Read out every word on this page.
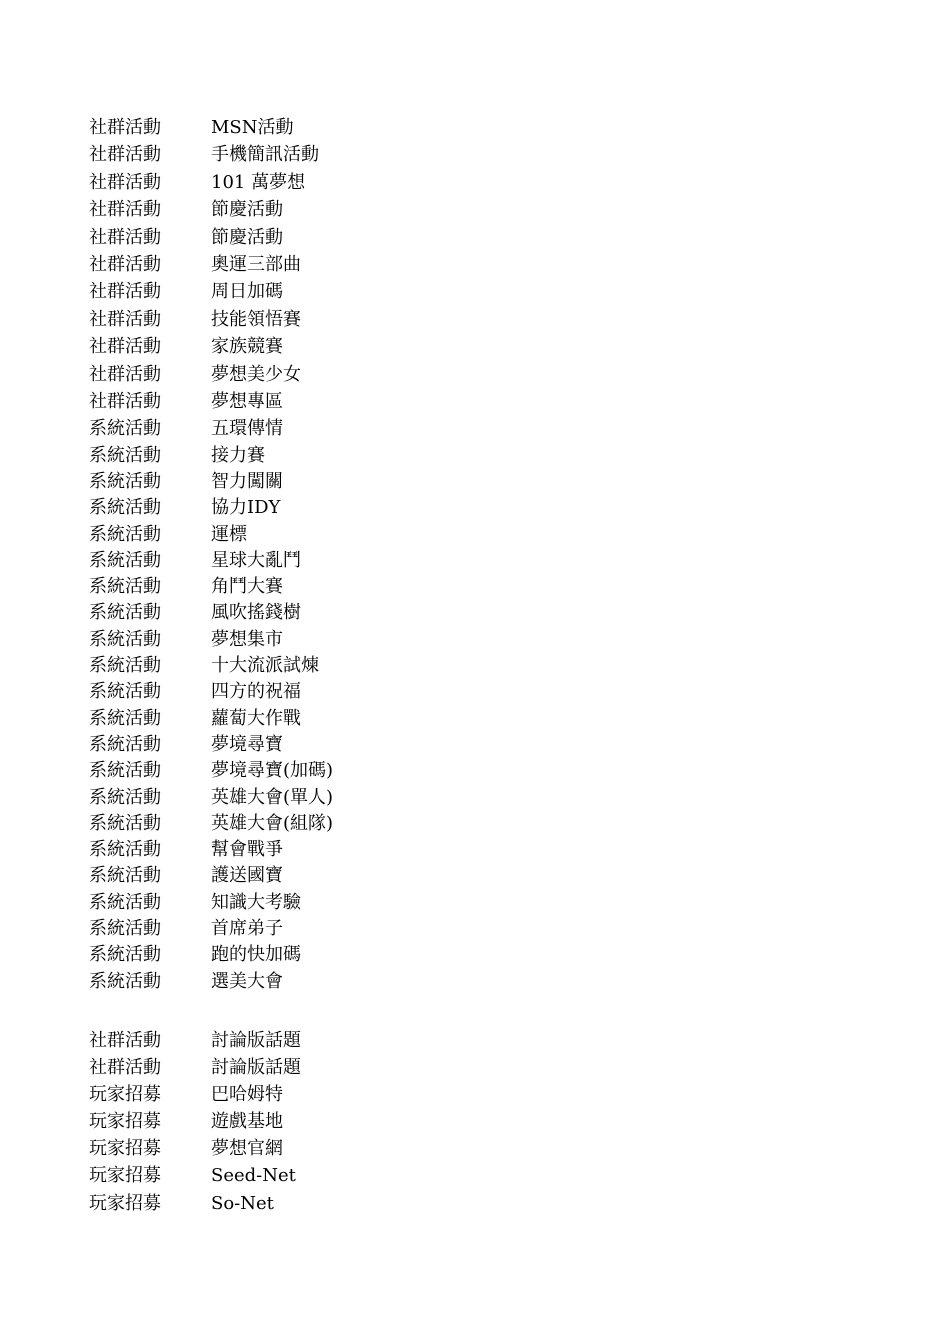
社群活動	MSN活動
社群活動	手機簡訊活動
社群活動	101 萬夢想
社群活動	節慶活動
社群活動	節慶活動
社群活動	奧運三部曲
社群活動	周日加碼
社群活動	技能領悟賽
社群活動	家族競賽
社群活動	夢想美少女
社群活動	夢想專區
系統活動	五環傳情
系統活動	接力賽
系統活動	智力闖關
系統活動	協力IDY
系統活動	運標
系統活動	星球大亂鬥
系統活動	角鬥大賽
系統活動	風吹搖錢樹
系統活動	夢想集市
系統活動	十大流派試煉
系統活動	四方的祝福
系統活動	蘿蔔大作戰
系統活動	夢境尋寶
系統活動	夢境尋寶(加碼)
系統活動	英雄大會(單人)
系統活動	英雄大會(組隊)
系統活動	幫會戰爭
系統活動	護送國寶
系統活動	知識大考驗
系統活動	首席弟子
系統活動	跑的快加碼
系統活動	選美大會
社群活動	討論版話題
社群活動	討論版話題
玩家招募	巴哈姆特
玩家招募	遊戲基地
玩家招募	夢想官網
玩家招募	Seed-Net
玩家招募	So-Net
